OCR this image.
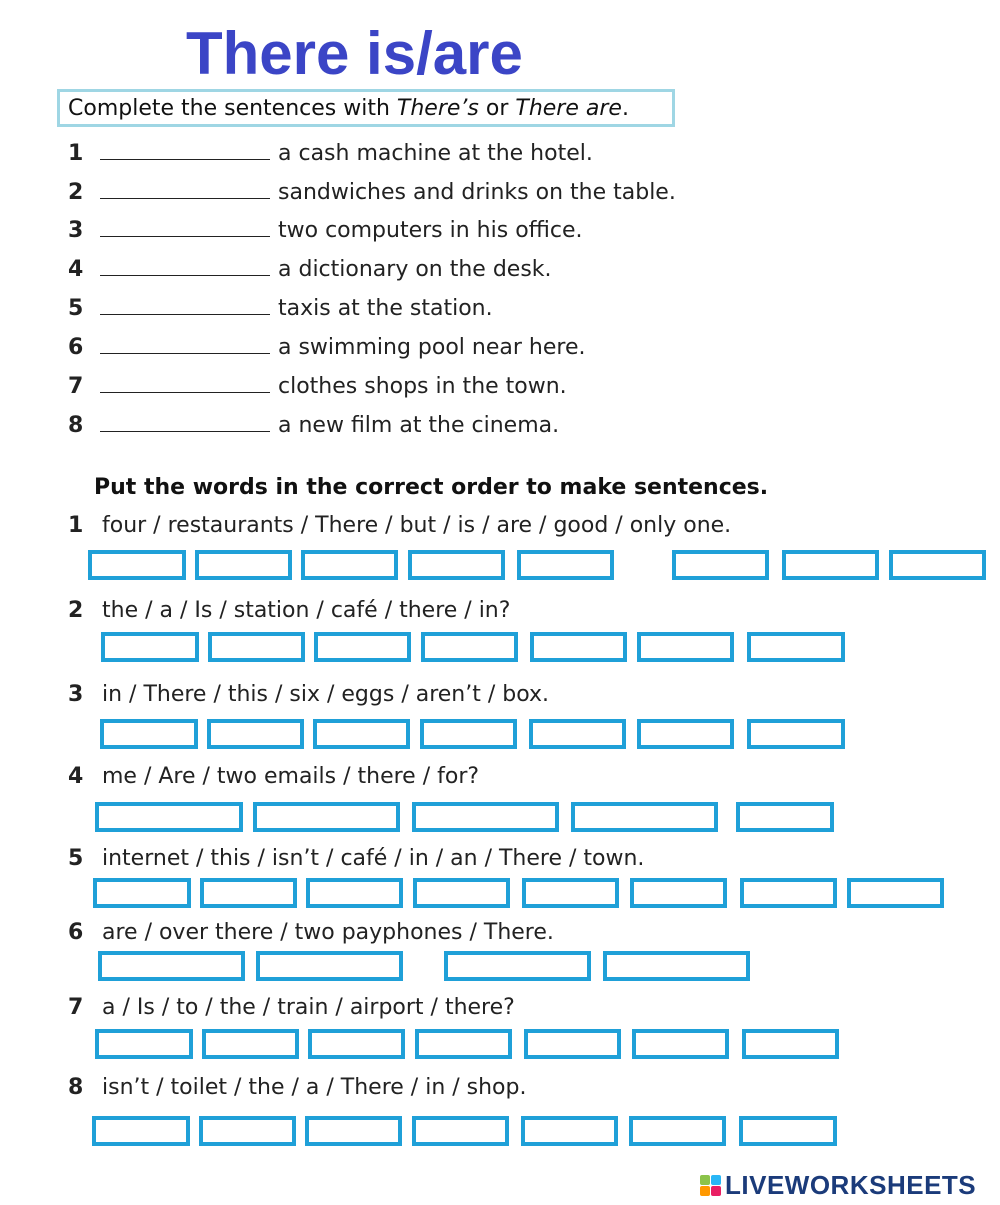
There is/are
Complete the sentences with There’s or There are.
1	a cash machine at the hotel.
2	sandwiches and drinks on the table.
3	two computers in his office.
4	a dictionary on the desk.
5	taxis at the station.
6	a swimming pool near here.
7	clothes shops in the town.
8	a new film at the cinema.
Put the words in the correct order to make sentences.
1 four / restaurants / There / but / is / are / good / only one.
2 the / a / Is / station / café / there / in?
3 in / There / this / six / eggs / aren’t / box.
4 me / Are / two emails / there / for?
5 internet / this / isn’t / café / in / an / There / town.
6 are / over there / two payphones / There.
7 a / Is / to / the / train / airport / there?
8 isn’t / toilet / the / a / There / in / shop.
LIVEWORKSHEETS
